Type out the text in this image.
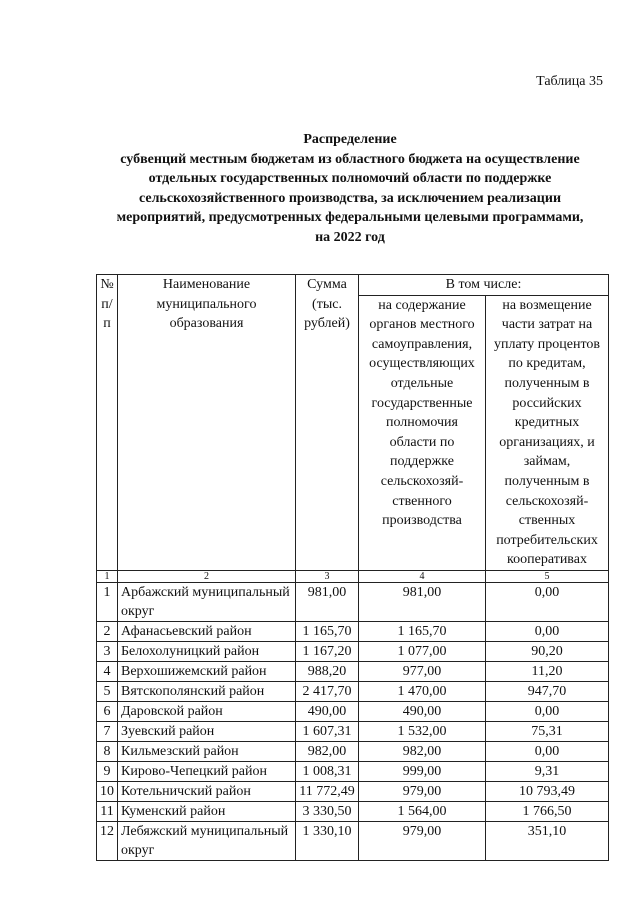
Таблица 35
Распределение
субвенций местным бюджетам из областного бюджета на осуществление
отдельных государственных полномочий области по поддержке
сельскохозяйственного производства, за исключением реализации
мероприятий, предусмотренных федеральными целевыми программами,
на 2022 год
№ п/п	Наименование муниципального образования	Сумма (тыс. рублей)	В том числе:	
			на содержание органов местного самоуправления, осуществляющих отдельные государственные полномочия области по поддержке сельскохозяй-ственного производства	на возмещение части затрат на уплату процентов по кредитам, полученным в российских кредитных организациях, и займам, полученным в сельскохозяй-ственных потребительских кооперативах
1	2	3	4	5
1	Арбажский муниципальный округ	981,00	981,00	0,00
2	Афанасьевский район	1 165,70	1 165,70	0,00
3	Белохолуницкий район	1 167,20	1 077,00	90,20
4	Верхошижемский район	988,20	977,00	11,20
5	Вятскополянский район	2 417,70	1 470,00	947,70
6	Даровской район	490,00	490,00	0,00
7	Зуевский район	1 607,31	1 532,00	75,31
8	Кильмезский район	982,00	982,00	0,00
9	Кирово-Чепецкий район	1 008,31	999,00	9,31
10	Котельничский район	11 772,49	979,00	10 793,49
11	Куменский район	3 330,50	1 564,00	1 766,50
12	Лебяжский муниципальный округ	1 330,10	979,00	351,10
